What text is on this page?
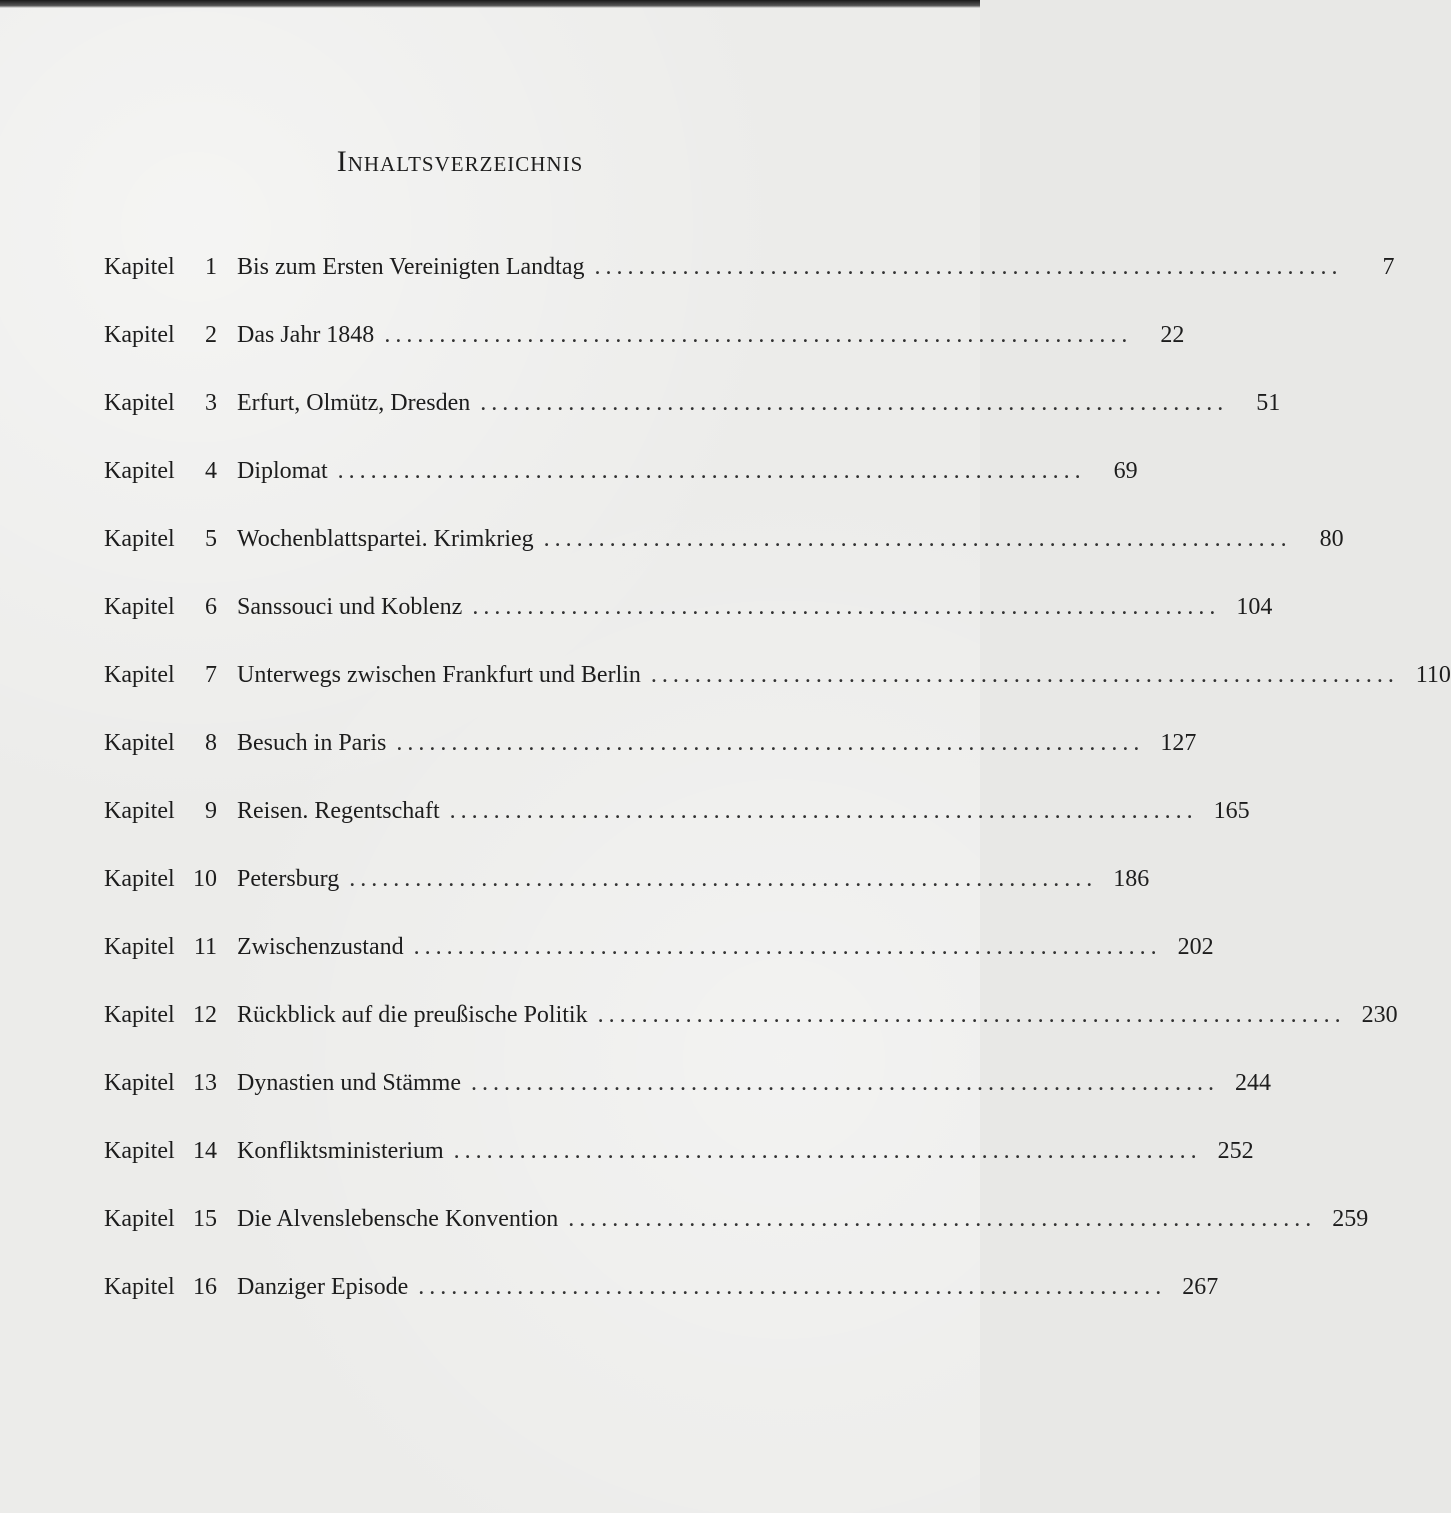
Inhaltsverzeichnis
Kapitel	1 Bis zum Ersten Vereinigten Landtag ....................................................................	7
Kapitel	2 Das Jahr 1848 ....................................................................	22
Kapitel	3 Erfurt, Olmütz, Dresden ....................................................................	51
Kapitel	4 Diplomat ....................................................................	69
Kapitel	5 Wochenblattspartei. Krimkrieg ....................................................................	80
Kapitel	6 Sanssouci und Koblenz .................................................................... 104
Kapitel	7 Unterwegs zwischen Frankfurt und Berlin .................................................................... 110
Kapitel	8 Besuch in Paris .................................................................... 127
Kapitel	9 Reisen. Regentschaft .................................................................... 165
Kapitel 10 Petersburg .................................................................... 186
Kapitel 11 Zwischenzustand .................................................................... 202
Kapitel 12 Rückblick auf die preußische Politik .................................................................... 230
Kapitel 13 Dynastien und Stämme .................................................................... 244
Kapitel 14 Konfliktsministerium .................................................................... 252
Kapitel 15 Die Alvenslebensche Konvention .................................................................... 259
Kapitel 16 Danziger Episode .................................................................... 267
